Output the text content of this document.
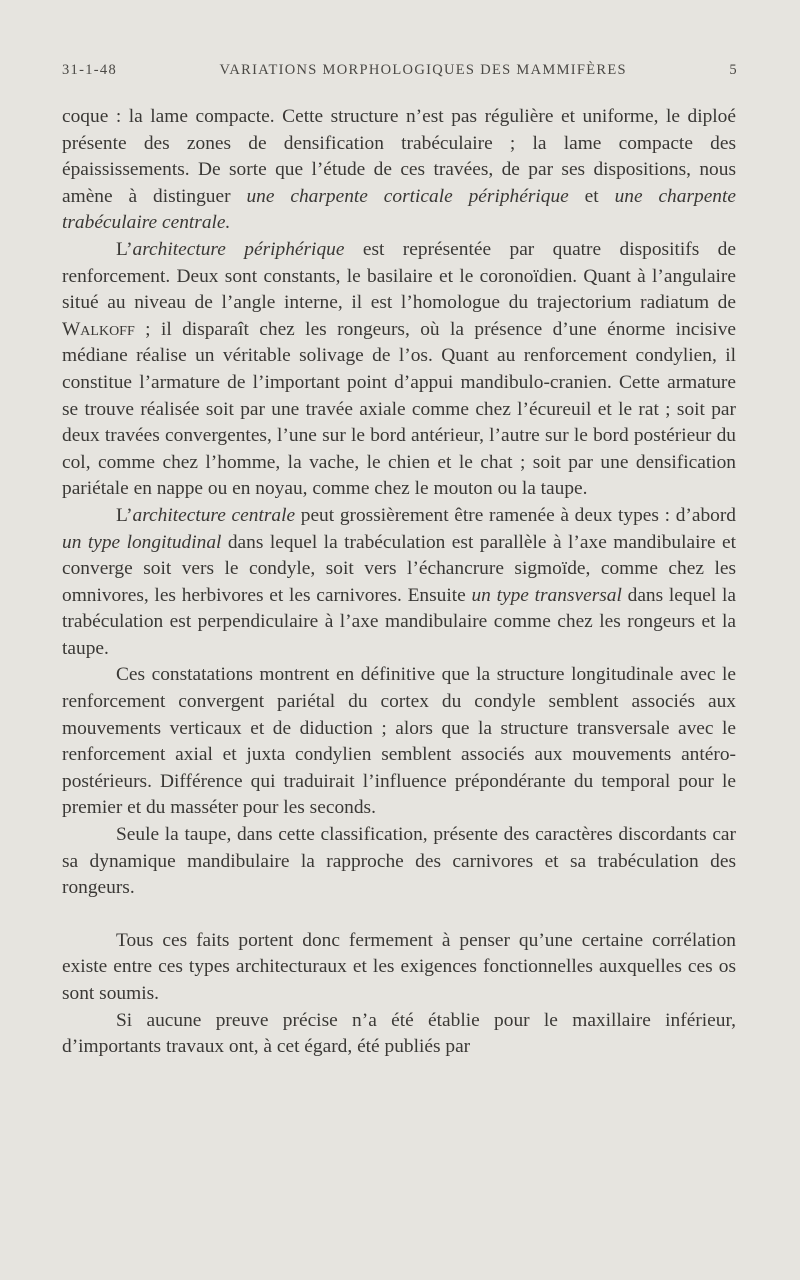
31-1-48	VARIATIONS MORPHOLOGIQUES DES MAMMIFÈRES	5

coque : la lame compacte. Cette structure n’est pas régulière et uniforme, le diploé présente des zones de densification trabéculaire ; la lame compacte des épaississements. De sorte que l’étude de ces travées, de par ses dispositions, nous amène à distinguer une charpente corticale périphérique et une charpente trabéculaire centrale.

L’architecture périphérique est représentée par quatre dispositifs de renforcement. Deux sont constants, le basilaire et le coronoïdien. Quant à l’angulaire situé au niveau de l’angle interne, il est l’homologue du trajectorium radiatum de Walkoff ; il disparaît chez les rongeurs, où la présence d’une énorme incisive médiane réalise un véritable solivage de l’os. Quant au renforcement condylien, il constitue l’armature de l’important point d’appui mandibulo-cranien. Cette armature se trouve réalisée soit par une travée axiale comme chez l’écureuil et le rat ; soit par deux travées convergentes, l’une sur le bord antérieur, l’autre sur le bord postérieur du col, comme chez l’homme, la vache, le chien et le chat ; soit par une densification pariétale en nappe ou en noyau, comme chez le mouton ou la taupe.

L’architecture centrale peut grossièrement être ramenée à deux types : d’abord un type longitudinal dans lequel la trabéculation est parallèle à l’axe mandibulaire et converge soit vers le condyle, soit vers l’échancrure sigmoïde, comme chez les omnivores, les herbivores et les carnivores. Ensuite un type transversal dans lequel la trabéculation est perpendiculaire à l’axe mandibulaire comme chez les rongeurs et la taupe.

Ces constatations montrent en définitive que la structure longitudinale avec le renforcement convergent pariétal du cortex du condyle semblent associés aux mouvements verticaux et de diduction ; alors que la structure transversale avec le renforcement axial et juxta condylien semblent associés aux mouvements antéro-postérieurs. Différence qui traduirait l’influence prépondérante du temporal pour le premier et du masséter pour les seconds.

Seule la taupe, dans cette classification, présente des caractères discordants car sa dynamique mandibulaire la rapproche des carnivores et sa trabéculation des rongeurs.

Tous ces faits portent donc fermement à penser qu’une certaine corrélation existe entre ces types architecturaux et les exigences fonctionnelles auxquelles ces os sont soumis.

Si aucune preuve précise n’a été établie pour le maxillaire inférieur, d’importants travaux ont, à cet égard, été publiés par
